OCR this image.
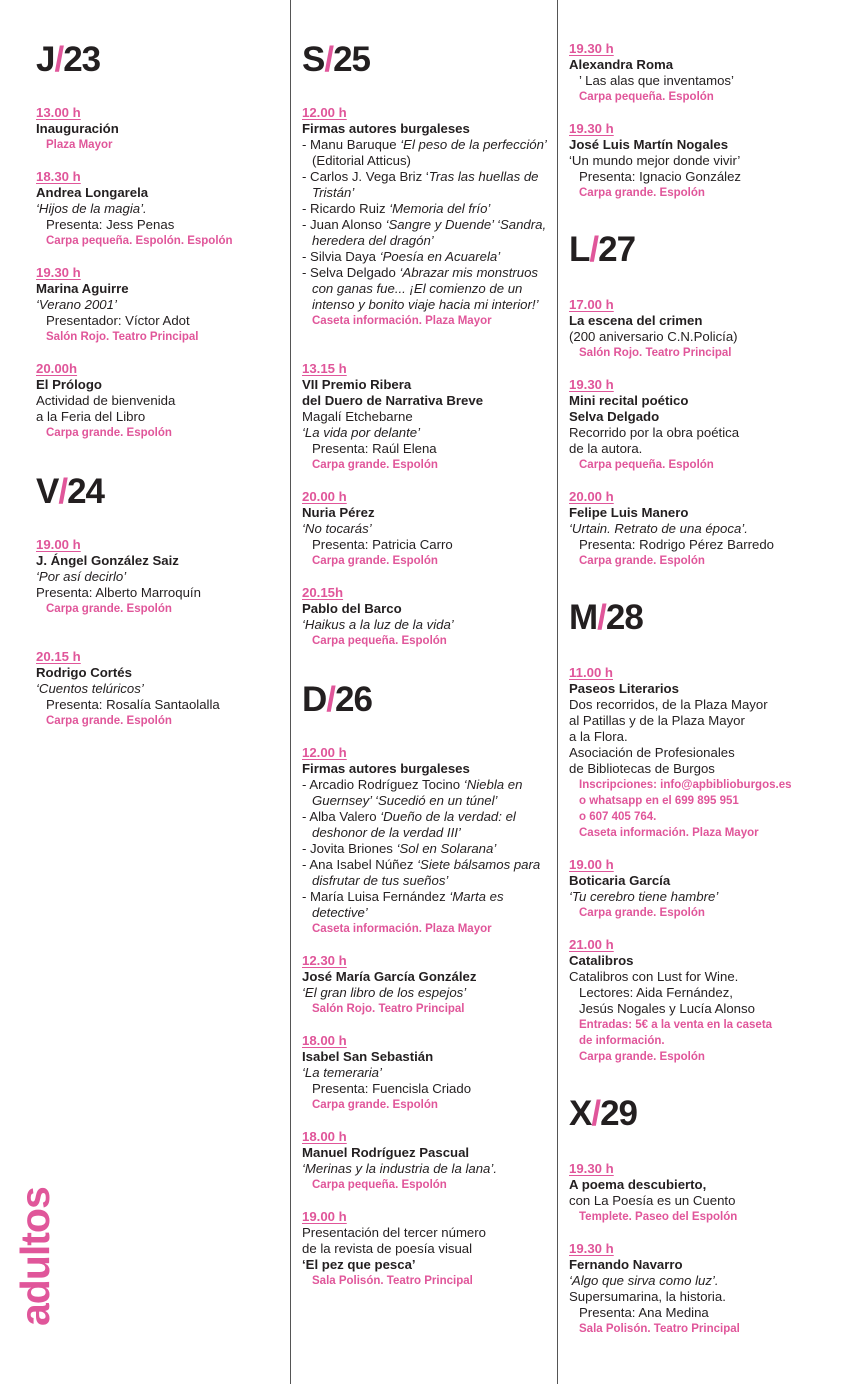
adultos
J/23
13.00 h
Inauguración
Plaza Mayor
18.30 h
Andrea Longarela
‘Hijos de la magia’.
Presenta: Jess Penas
Carpa pequeña. Espolón. Espolón
19.30 h
Marina Aguirre
‘Verano 2001’
Presentador: Víctor Adot
Salón Rojo. Teatro Principal
20.00h
El Prólogo
Actividad de bienvenida
a la Feria del Libro
Carpa grande. Espolón
V/24
19.00 h
J. Ángel González Saiz
‘Por así decirlo’
Presenta: Alberto Marroquín
Carpa grande. Espolón
20.15 h
Rodrigo Cortés
‘Cuentos telúricos’
Presenta: Rosalía Santaolalla
Carpa grande. Espolón
S/25
12.00 h
Firmas autores burgaleses
- Manu Baruque ‘El peso de la perfección’ (Editorial Atticus)
- Carlos J. Vega Briz ‘Tras las huellas de Tristán’
- Ricardo Ruiz ‘Memoria del frío’
- Juan Alonso ‘Sangre y Duende’ ‘Sandra, heredera del dragón’
- Silvia Daya ‘Poesía en Acuarela’
- Selva Delgado ‘Abrazar mis monstruos con ganas fue... ¡El comienzo de un intenso y bonito viaje hacia mi interior!’
Caseta información. Plaza Mayor
13.15 h
VII Premio Ribera
del Duero de Narrativa Breve
Magalí Etchebarne
‘La vida por delante’
Presenta: Raúl Elena
Carpa grande. Espolón
20.00 h
Nuria Pérez
‘No tocarás’
Presenta: Patricia Carro
Carpa grande. Espolón
20.15h
Pablo del Barco
‘Haikus a la luz de la vida’
Carpa pequeña. Espolón
D/26
12.00 h
Firmas autores burgaleses
- Arcadio Rodríguez Tocino ‘Niebla en Guernsey’ ‘Sucedió en un túnel’
- Alba Valero ‘Dueño de la verdad: el deshonor de la verdad III’
- Jovita Briones ‘Sol en Solarana’
- Ana Isabel Núñez ‘Siete bálsamos para disfrutar de tus sueños’
- María Luisa Fernández ‘Marta es detective’
Caseta información. Plaza Mayor
12.30 h
José María García González
‘El gran libro de los espejos’
Salón Rojo. Teatro Principal
18.00 h
Isabel San Sebastián
‘La temeraria’
Presenta: Fuencisla Criado
Carpa grande. Espolón
18.00 h
Manuel Rodríguez Pascual
‘Merinas y la industria de la lana’.
Carpa pequeña. Espolón
19.00 h
Presentación del tercer número
de la revista de poesía visual
‘El pez que pesca’
Sala Polisón. Teatro Principal
19.30 h
Alexandra Roma
’ Las alas que inventamos’
Carpa pequeña. Espolón
19.30 h
José Luis Martín Nogales
‘Un mundo mejor donde vivir’
Presenta: Ignacio González
Carpa grande. Espolón
L/27
17.00 h
La escena del crimen
(200 aniversario C.N.Policía)
Salón Rojo. Teatro Principal
19.30 h
Mini recital poético
Selva Delgado
Recorrido por la obra poética
de la autora.
Carpa pequeña. Espolón
20.00 h
Felipe Luis Manero
‘Urtain. Retrato de una época’.
Presenta: Rodrigo Pérez Barredo
Carpa grande. Espolón
M/28
11.00 h
Paseos Literarios
Dos recorridos, de la Plaza Mayor
al Patillas y de la Plaza Mayor
a la Flora.
Asociación de Profesionales
de Bibliotecas de Burgos
Inscripciones: info@apbiblioburgos.es
o whatsapp en el 699 895 951
o 607 405 764.
Caseta información. Plaza Mayor
19.00 h
Boticaria García
‘Tu cerebro tiene hambre’
Carpa grande. Espolón
21.00 h
Catalibros
Catalibros con Lust for Wine.
Lectores: Aida Fernández,
Jesús Nogales y Lucía Alonso
Entradas: 5€ a la venta en la caseta
de información.
Carpa grande. Espolón
X/29
19.30 h
A poema descubierto,
con La Poesía es un Cuento
Templete. Paseo del Espolón
19.30 h
Fernando Navarro
‘Algo que sirva como luz’.
Supersumarina, la historia.
Presenta: Ana Medina
Sala Polisón. Teatro Principal
